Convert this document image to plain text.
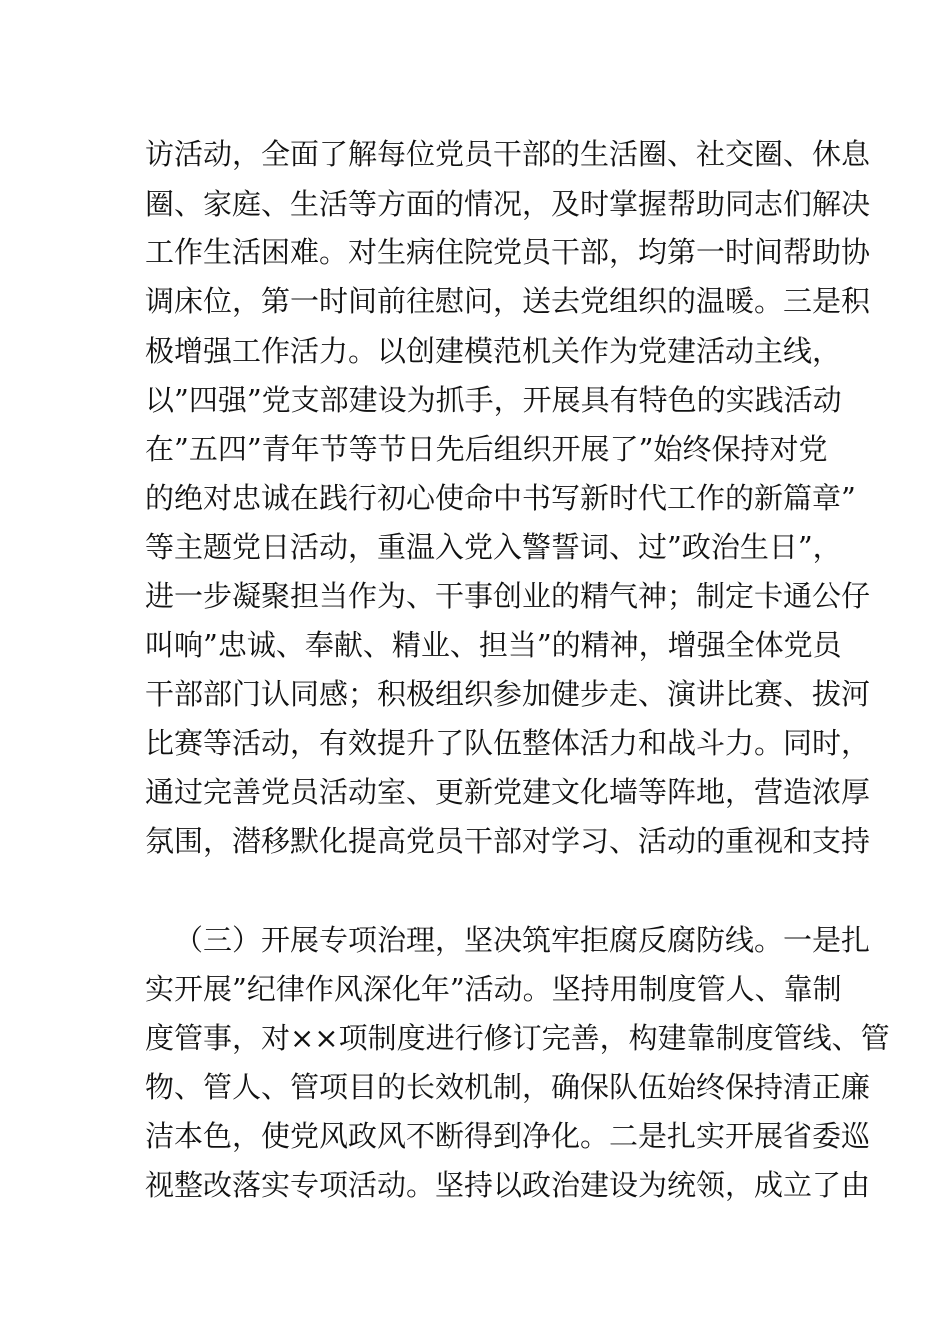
访活动，全面了解每位党员干部的生活圈、社交圈、休息
圈、家庭、生活等方面的情况，及时掌握帮助同志们解决
工作生活困难。对生病住院党员干部，均第一时间帮助协
调床位，第一时间前往慰问，送去党组织的温暖。三是积
极增强工作活力。以创建模范机关作为党建活动主线，
以”四强”党支部建设为抓手，开展具有特色的实践活动
在”五四”青年节等节日先后组织开展了”始终保持对党
的绝对忠诚在践行初心使命中书写新时代工作的新篇章”
等主题党日活动，重温入党入警誓词、过”政治生日”，
进一步凝聚担当作为、干事创业的精气神；制定卡通公仔
叫响”忠诚、奉献、精业、担当”的精神，增强全体党员
干部部门认同感；积极组织参加健步走、演讲比赛、拔河
比赛等活动，有效提升了队伍整体活力和战斗力。同时，
通过完善党员活动室、更新党建文化墙等阵地，营造浓厚
氛围，潜移默化提高党员干部对学习、活动的重视和支持
（三）开展专项治理，坚决筑牢拒腐反腐防线。一是扎
实开展”纪律作风深化年”活动。坚持用制度管人、靠制
度管事，对××项制度进行修订完善，构建靠制度管线、管
物、管人、管项目的长效机制，确保队伍始终保持清正廉
洁本色，使党风政风不断得到净化。二是扎实开展省委巡
视整改落实专项活动。坚持以政治建设为统领，成立了由
